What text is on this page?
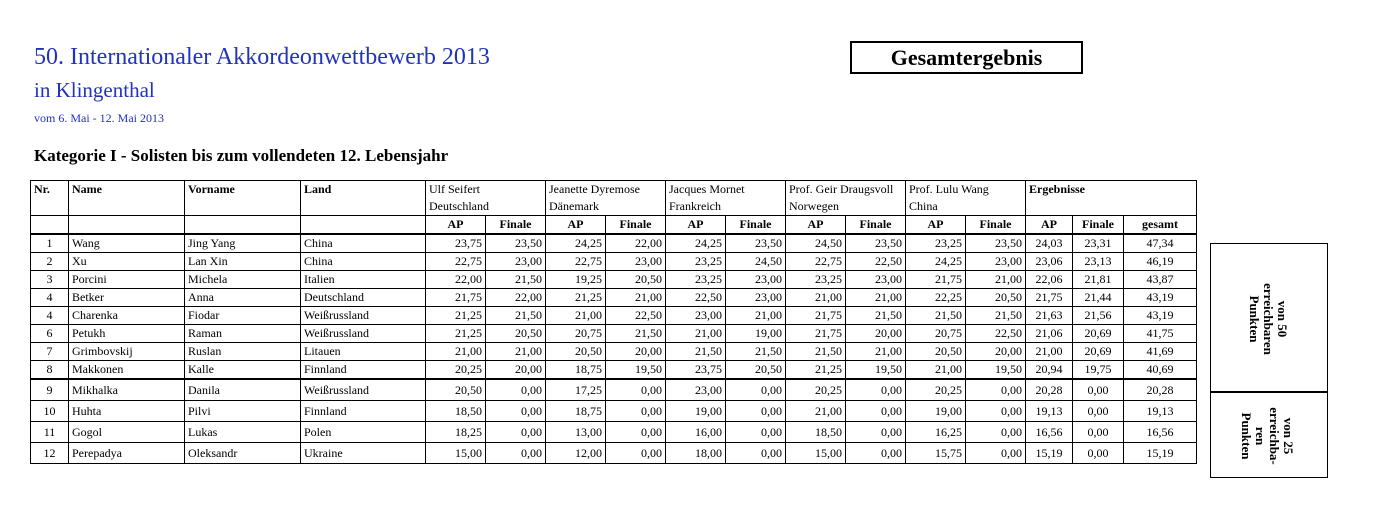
50. Internationaler Akkordeonwettbewerb 2013
in Klingenthal
vom 6. Mai - 12. Mai 2013
Gesamtergebnis
Kategorie I - Solisten bis zum vollendeten 12. Lebensjahr
Nr.	Name	Vorname	Land	Ulf Seifert		Jeanette Dyremose		Jacques Mornet		Prof. Geir Draugsvoll		Prof. Lulu Wang		Ergebnisse		
				Deutschland		Dänemark		Frankreich		Norwegen		China				
				AP	Finale	AP	Finale	AP	Finale	AP	Finale	AP	Finale	AP	Finale	gesamt
1	Wang	Jing Yang	China	23,75	23,50	24,25	22,00	24,25	23,50	24,50	23,50	23,25	23,50	24,03	23,31	47,34
2	Xu	Lan Xin	China	22,75	23,00	22,75	23,00	23,25	24,50	22,75	22,50	24,25	23,00	23,06	23,13	46,19
3	Porcini	Michela	Italien	22,00	21,50	19,25	20,50	23,25	23,00	23,25	23,00	21,75	21,00	22,06	21,81	43,87
4	Betker	Anna	Deutschland	21,75	22,00	21,25	21,00	22,50	23,00	21,00	21,00	22,25	20,50	21,75	21,44	43,19
4	Charenka	Fiodar	Weißrussland	21,25	21,50	21,00	22,50	23,00	21,00	21,75	21,50	21,50	21,50	21,63	21,56	43,19
6	Petukh	Raman	Weißrussland	21,25	20,50	20,75	21,50	21,00	19,00	21,75	20,00	20,75	22,50	21,06	20,69	41,75
7	Grimbovskij	Ruslan	Litauen	21,00	21,00	20,50	20,00	21,50	21,50	21,50	21,00	20,50	20,00	21,00	20,69	41,69
8	Makkonen	Kalle	Finnland	20,25	20,00	18,75	19,50	23,75	20,50	21,25	19,50	21,00	19,50	20,94	19,75	40,69
9	Mikhalka	Danila	Weißrussland	20,50	0,00	17,25	0,00	23,00	0,00	20,25	0,00	20,25	0,00	20,28	0,00	20,28
10	Huhta	Pilvi	Finnland	18,50	0,00	18,75	0,00	19,00	0,00	21,00	0,00	19,00	0,00	19,13	0,00	19,13
11	Gogol	Lukas	Polen	18,25	0,00	13,00	0,00	16,00	0,00	18,50	0,00	16,25	0,00	16,56	0,00	16,56
12	Perepadya	Oleksandr	Ukraine	15,00	0,00	12,00	0,00	18,00	0,00	15,00	0,00	15,75	0,00	15,19	0,00	15,19
von 50
erreichbaren
Punkten
von 25
erreichba-
ren
Punkten
